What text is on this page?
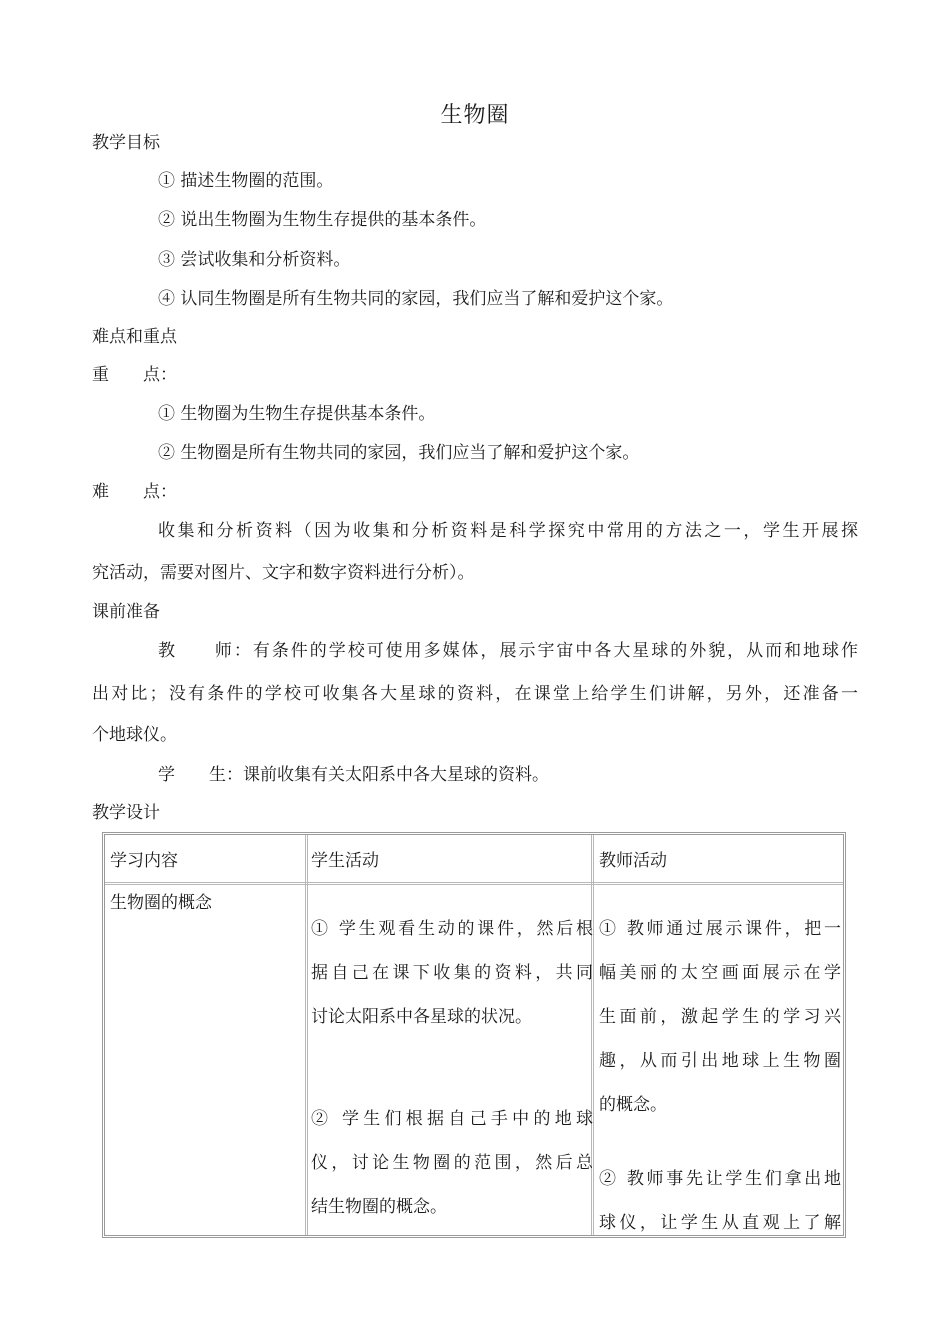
生物圈
教学目标
① 描述生物圈的范围。
② 说出生物圈为生物生存提供的基本条件。
③ 尝试收集和分析资料。
④ 认同生物圈是所有生物共同的家园，我们应当了解和爱护这个家。
难点和重点
重　　点：
① 生物圈为生物生存提供基本条件。
② 生物圈是所有生物共同的家园，我们应当了解和爱护这个家。
难　　点：
收集和分析资料（因为收集和分析资料是科学探究中常用的方法之一，学生开展探
究活动，需要对图片、文字和数字资料进行分析）。
课前准备
教　　师：有条件的学校可使用多媒体，展示宇宙中各大星球的外貌，从而和地球作
出对比；没有条件的学校可收集各大星球的资料，在课堂上给学生们讲解，另外，还准备一
个地球仪。
学　　生：课前收集有关太阳系中各大星球的资料。
教学设计
学习内容	学生活动	教师活动
生物圈的概念
① 学生观看生动的课件，然后根
据自己在课下收集的资料，共同
讨论太阳系中各星球的状况。
② 学生们根据自己手中的地球
仪，讨论生物圈的范围，然后总
结生物圈的概念。
① 教师通过展示课件，把一
幅美丽的太空画面展示在学
生面前，激起学生的学习兴
趣，从而引出地球上生物圈
的概念。
② 教师事先让学生们拿出地
球仪，让学生从直观上了解
